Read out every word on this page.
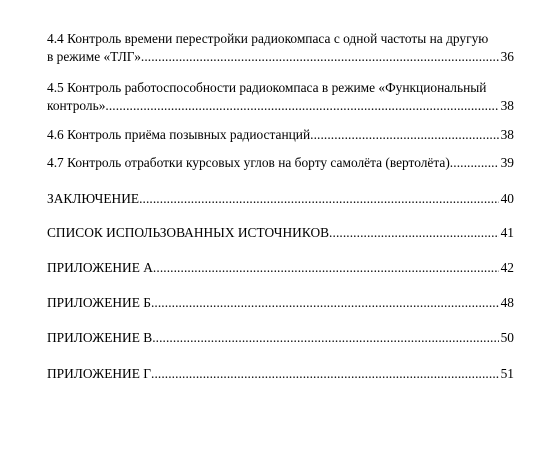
4.4 Контроль времени перестройки радиокомпаса с одной частоты на другую
в режиме «ТЛГ» .....	36
4.5 Контроль работоспособности радиокомпаса в режиме «Функциональный
контроль» .....	38
4.6 Контроль приёма позывных радиостанций .....	38
4.7 Контроль отработки курсовых углов на борту самолёта (вертолёта) .....	39
ЗАКЛЮЧЕНИЕ .....	40
СПИСОК ИСПОЛЬЗОВАННЫХ ИСТОЧНИКОВ .....	41
ПРИЛОЖЕНИЕ А .....	42
ПРИЛОЖЕНИЕ Б .....	48
ПРИЛОЖЕНИЕ В .....	50
ПРИЛОЖЕНИЕ Г .....	51
